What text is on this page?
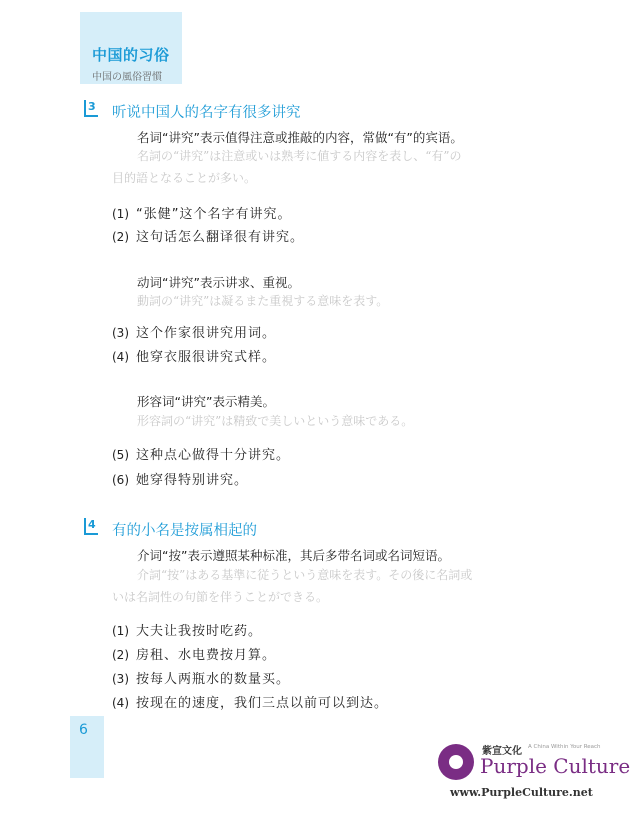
中国的习俗
中国の風俗習慣
3 听说中国人的名字有很多讲究
名词“讲究”表示值得注意或推敲的内容，常做“有”的宾语。
名詞の“讲究”は注意或いは熟考に値する内容を表し、“有”の
目的語となることが多い。
(1) “张健”这个名字有讲究。
(2) 这句话怎么翻译很有讲究。
动词“讲究”表示讲求、重视。
動詞の“讲究”は凝るまた重視する意味を表す。
(3) 这个作家很讲究用词。
(4) 他穿衣服很讲究式样。
形容词“讲究”表示精美。
形容詞の“讲究”は精致で美しいという意味である。
(5) 这种点心做得十分讲究。
(6) 她穿得特别讲究。
4 有的小名是按属相起的
介词“按”表示遵照某种标准，其后多带名词或名词短语。
介詞“按”はある基準に従うという意味を表す。その後に名詞或
いは名詞性の句節を伴うことができる。
(1) 大夫让我按时吃药。
(2) 房租、水电费按月算。
(3) 按每人两瓶水的数量买。
(4) 按现在的速度，我们三点以前可以到达。
6
紫宣文化 A China Within Your Reach
Purple Culture
www.PurpleCulture.net
